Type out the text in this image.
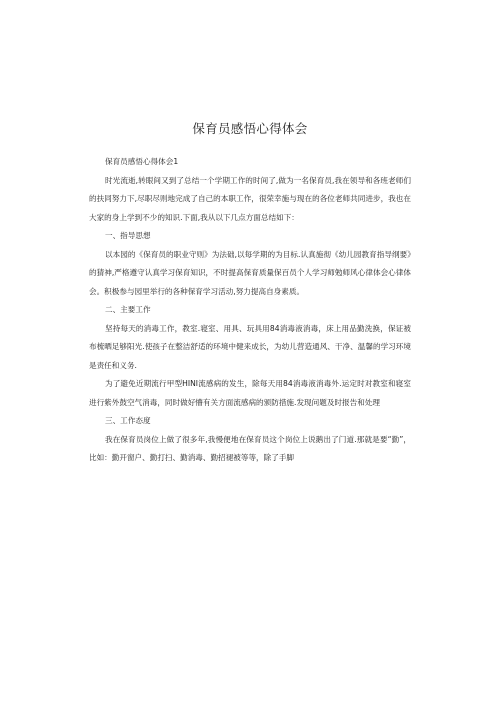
保育员感悟心得体会

保育员感悟心得体会1

时光流逝,转眼间又到了总结一个学期工作的时间了,做为一名保育员,我在领导和各班老师们的扶同努力下,尽职尽则地完成了自己的本职工作，很荣幸施与现在的各位老师共同进步，我也在大家的身上学到不少的知识.下面,我从以下几点方面总结如下：

一、指导思想

以本园的《保育员的职业守则》为法础,以每学期的为目标.认真施彻《幼儿园教育指导纲要》的猜神,严格遵守认真学习保育知识，不时提高保育质量保百员个人学习师勉师风心律体会心律体会。积极参与园里举行的各种保育学习活动,努力提高自身素质。

二、主要工作

坚持每天的消毒工作，教室.寝室、用具、玩具用84消毒液消毒，床上用品勤洗换，保证被布梳晒足够阳光.使孩子在整洁舒适的环境中健来成长，为幼儿营造通风、干净、温馨的学习环境是责任和义务.

为了避免近期流行甲型HINI流感病的发生，除每天用84消毒液消毒外.运定时对教室和寝室进行紫外鼓空气消毒，同时做好懵有关方面流感病的颁防措施.发现问题及时报告和处理

三、工作态度

我在保育员岗位上做了很多年,我慢便地在保育员这个岗位上说鹅出了门道.那就是要“勤”，比如：勤开窗户、勤打扫、勤消毒、勤招褪被等等，除了手脚
